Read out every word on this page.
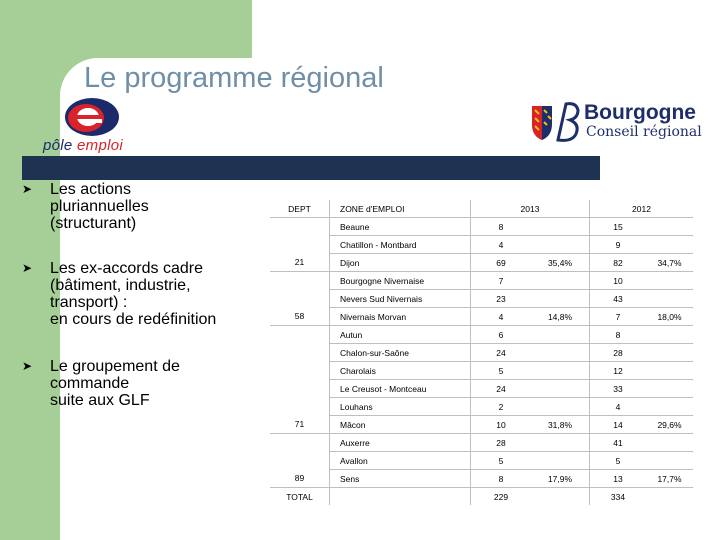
Le programme régional
pôle emploi
Bourgogne
Conseil régional
➤ Les actions
pluriannuelles
(structurant)
➤ Les ex-accords cadre
(bâtiment, industrie,
transport) :
en cours de redéfinition
➤ Le groupement de
commande
suite aux GLF
DEPT	ZONE d'EMPLOI	2013		2012	
	Beaune	8		15	
	Chatillon - Montbard	4		9	
21	Dijon	69	35,4%	82	34,7%
	Bourgogne Nivernaise	7		10	
	Nevers Sud Nivernais	23		43	
58	Nivernais Morvan	4	14,8%	7	18,0%
	Autun	6		8	
	Chalon-sur-Saône	24		28	
	Charolais	5		12	
	Le Creusot - Montceau	24		33	
	Louhans	2		4	
71	Mâcon	10	31,8%	14	29,6%
	Auxerre	28		41	
	Avallon	5		5	
89	Sens	8	17,9%	13	17,7%
TOTAL		229		334	
